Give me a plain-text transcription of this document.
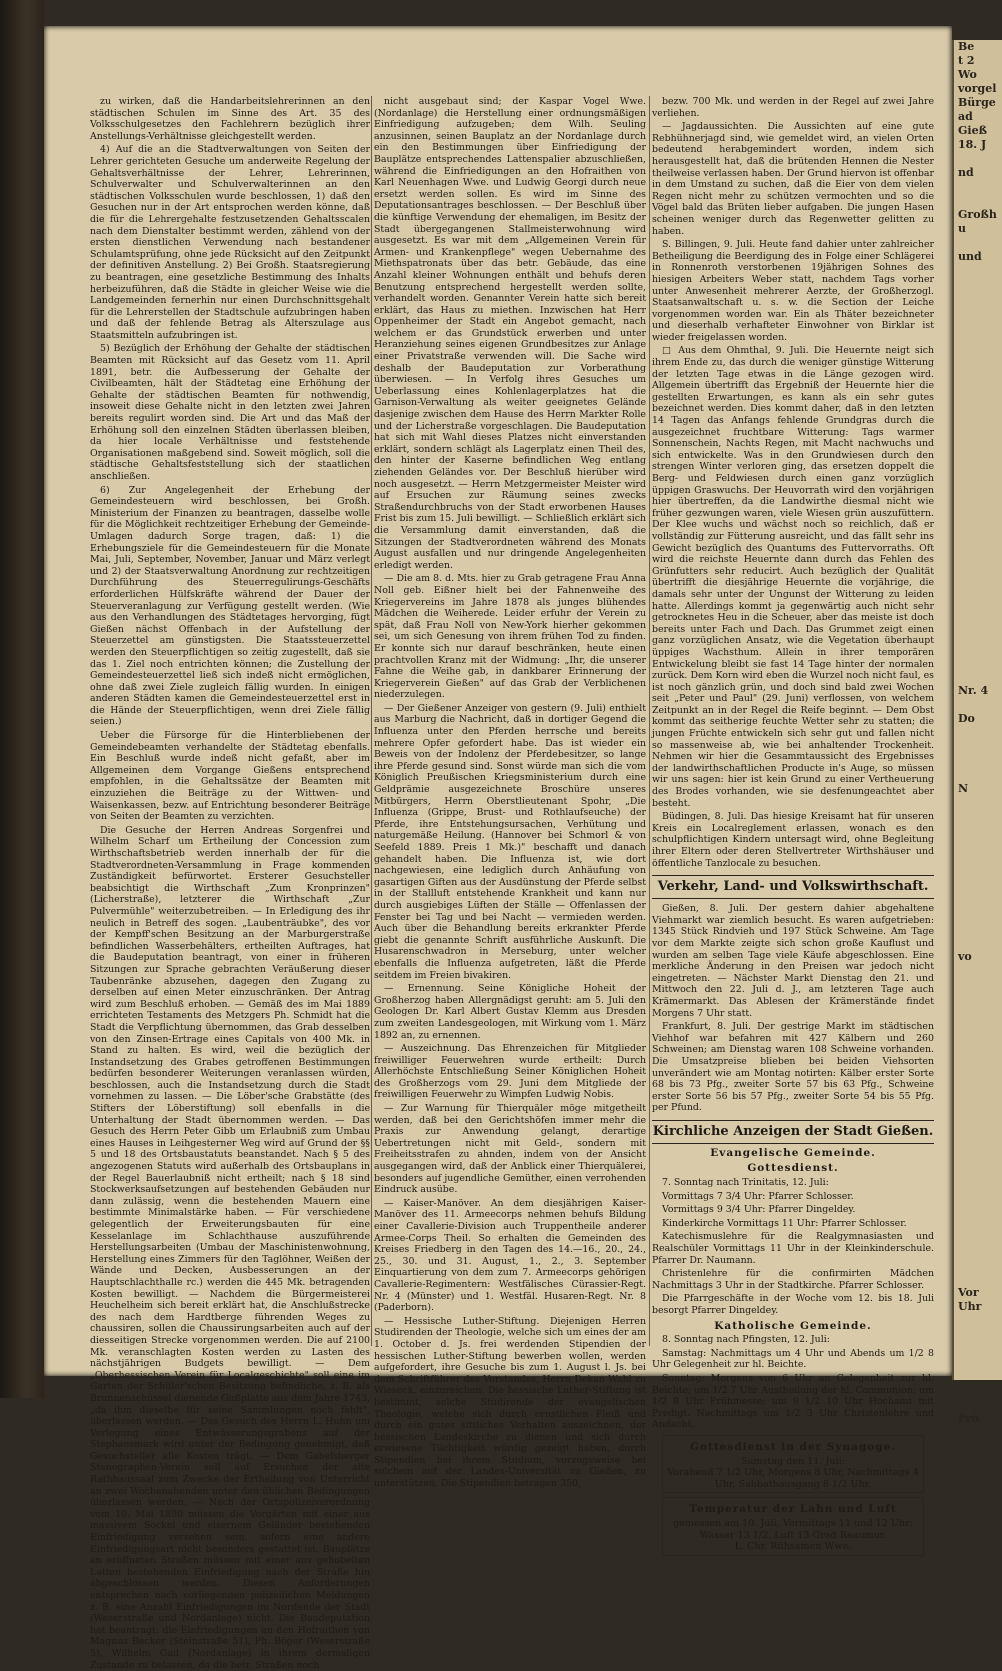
zu wirken, daß die Handarbeitslehrerinnen an den städtischen Schulen im Sinne des Art. 35 des Volksschulgesetzes den Fachlehrern bezüglich ihrer Anstellungs-Verhältnisse gleichgestellt werden.

4) Auf die an die Stadtverwaltungen von Seiten der Lehrer gerichteten Gesuche um anderweite Regelung der Gehaltsverhältnisse der Lehrer, Lehrerinnen, Schulverwalter und Schulverwalterinnen an den städtischen Volksschulen wurde beschlossen, 1) daß den Gesuchen nur in der Art entsprochen werden könne, daß die für die Lehrergehalte festzusetzenden Gehaltsscalen nach dem Dienstalter bestimmt werden, zählend von der ersten dienstlichen Verwendung nach bestandener Schulamtsprüfung, ohne jede Rücksicht auf den Zeitpunkt der definitiven Anstellung. 2) Bei Großh. Staatsregierung zu beantragen, eine gesetzliche Bestimmung des Inhalts herbeizuführen, daß die Städte in gleicher Weise wie die Landgemeinden fernerhin nur einen Durchschnittsgehalt für die Lehrerstellen der Stadtschule aufzubringen haben und daß der fehlende Betrag als Alterszulage aus Staatsmitteln aufzubringen ist.

5) Bezüglich der Erhöhung der Gehalte der städtischen Beamten mit Rücksicht auf das Gesetz vom 11. April 1891, betr. die Aufbesserung der Gehalte der Civilbeamten, hält der Städtetag eine Erhöhung der Gehalte der städtischen Beamten für nothwendig, insoweit diese Gehalte nicht in den letzten zwei Jahren bereits regulirt worden sind. Die Art und das Maß der Erhöhung soll den einzelnen Städten überlassen bleiben, da hier locale Verhältnisse und feststehende Organisationen maßgebend sind. Soweit möglich, soll die städtische Gehaltsfeststellung sich der staatlichen anschließen.

6) Zur Angelegenheit der Erhebung der Gemeindesteuern wird beschlossen, bei Großh. Ministerium der Finanzen zu beantragen, dasselbe wolle für die Möglichkeit rechtzeitiger Erhebung der Gemeinde-Umlagen dadurch Sorge tragen, daß: 1) die Erhebungsziele für die Gemeindesteuern für die Monate Mai, Juli, September, November, Januar und März verlegt und 2) der Staatsverwaltung Anordnung zur rechtzeitigen Durchführung des Steuerregulirungs-Geschäfts erforderlichen Hülfskräfte während der Dauer der Steuerveranlagung zur Verfügung gestellt werden. (Wie aus den Verhandlungen des Städtetages hervorging, fügt Gießen nächst Offenbach in der Aufstellung der Steuerzettel am günstigsten. Die Staatssteuerzettel werden den Steuerpflichtigen so zeitig zugestellt, daß sie das 1. Ziel noch entrichten können; die Zustellung der Gemeindesteuerzettel ließ sich indeß nicht ermöglichen, ohne daß zwei Ziele zugleich fällig wurden. In einigen anderen Städten kamen die Gemeindesteuerzettel erst in die Hände der Steuerpflichtigen, wenn drei Ziele fällig seien.)

Ueber die Fürsorge für die Hinterbliebenen der Gemeindebeamten verhandelte der Städtetag ebenfalls. Ein Beschluß wurde indeß nicht gefaßt, aber im Allgemeinen dem Vorgange Gießens entsprechend empfohlen, in die Gehaltssätze der Beamten mit einzuziehen die Beiträge zu der Wittwen- und Waisenkassen, bezw. auf Entrichtung besonderer Beiträge von Seiten der Beamten zu verzichten.

Die Gesuche der Herren Andreas Sorgenfrei und Wilhelm Scharf um Ertheilung der Concession zum Wirthschaftsbetrieb werden innerhalb der für die Stadtverordneten-Versammlung in Frage kommenden Zuständigkeit befürwortet. Ersterer Gesuchsteller beabsichtigt die Wirthschaft „Zum Kronprinzen" (Licherstraße), letzterer die Wirthschaft „Zur Pulvermühle" weiterzubetreiben. — In Erledigung des ihr neulich in Betreff des sogen. „Laubenträubke", des vor der Kempff'schen Besitzung an der Marburgerstraße befindlichen Wasserbehälters, ertheilten Auftrages, hat die Baudeputation beantragt, von einer in früheren Sitzungen zur Sprache gebrachten Veräußerung dieser Taubenränke abzusehen, dagegen den Zugang zu derselben auf einen Meter einzuschränken. Der Antrag wird zum Beschluß erhoben. — Gemäß des im Mai 1889 errichteten Testaments des Metzgers Ph. Schmidt hat die Stadt die Verpflichtung übernommen, das Grab desselben von den Zinsen-Ertrage eines Capitals von 400 Mk. in Stand zu halten. Es wird, weil die bezüglich der Instandsetzung des Grabes getroffenen Bestimmungen bedürfen besonderer Weiterungen veranlassen würden, beschlossen, auch die Instandsetzung durch die Stadt vornehmen zu lassen. — Die Löber'sche Grabstätte (des Stifters der Löberstiftung) soll ebenfalls in die Unterhaltung der Stadt übernommen werden. — Das Gesuch des Herrn Peter Gibb um Erlaubniß zum Umbau eines Hauses in Leihgesterner Weg wird auf Grund der §§ 5 und 18 des Ortsbaustatuts beanstandet. Nach § 5 des angezogenen Statuts wird außerhalb des Ortsbauplans in der Regel Bauerlaubniß nicht ertheilt; nach § 18 sind Stockwerksaufsetzungen auf bestehenden Gebäuden nur dann zulässig, wenn die bestehenden Mauern eine bestimmte Minimalstärke haben. — Für verschiedene gelegentlich der Erweiterungsbauten für eine Kesselanlage im Schlachthause auszuführende Herstellungsarbeiten (Umbau der Maschinistenwohnung, Herstellung eines Zimmers für den Taglöhner, Weißen der Wände und Decken, Ausbesserungen an der Hauptschlachthalle rc.) werden die 445 Mk. betragenden Kosten bewilligt. — Nachdem die Bürgermeisterei Heuchelheim sich bereit erklärt hat, die Anschlußstrecke des nach dem Hardtberge führenden Weges zu chaussiren, sollen die Chaussirungsarbeiten auch auf der diesseitigen Strecke vorgenommen werden. Die auf 2100 Mk. veranschlagten Kosten werden zu Lasten des nächstjährigen Budgets bewilligt. — Dem „Oberhessischen Verein für Localgeschichte" soll eine im Garten der Schüler'schen Besitzung befindliche, z. B. als Brunnenschüssel dienende Gußplatte aus dem Jahre 1743, „da ihm dieselbe für seine Sammlungen noch fehlt", überlassen werden. — Das Gesuch des Herrn L. Huhn um Verlegung eines Entwässerungsgrabens auf der Stephansmark wird unter der Bedingung genehmigt, daß Gesuchsteller alle Kosten trägt. — Dem Gabelsberger Stenographen-Verein soll auf Ersuchen der alte Rathhaussaal zum Zwecke der Ertheilung von Unterricht an zwei Wochenabenden unter den üblichen Bedingungen überlassen werden. — Nach der Ortspolizeiverordnung vom 10. Mai 1890 müssen die Vorgärten mit einer aus massivem Sockel und eisernem Geländer bestehenden Einfriedigung versehen sein, sofern eine andere Einfriedigungsart nicht besonders gestattet ist. Bauplätze an eröffneten Straßen müssen mit einer aus gehobelten Latten bestehenden Einfriedigung nach der Straße hin abgeschlossen werden. Diesen Anforderungen entsprechen nach vorliegenden polizeilichen Meldungen z. B. eine Anzahl Einfriedigungen im Nordende der Stadt (Weserstraße und Nordanlage) nicht. Die Baudeputation hat beantragt: die Einfriedigungen an den Hofraithen von Magnus Becker (Steinstraße 51), Ph. Böger (Weserstraße 5), Wilhelm Gail (Nordanlage) in ihrem dermaligen Zustande zu belassen, da die betr. Straßen noch

nicht ausgebaut sind; der Kaspar Vogel Wwe. (Nordanlage) die Herstellung einer ordnungsmäßigen Einfriedigung aufzugeben; dem Wilh. Seuling anzusinnen, seinen Bauplatz an der Nordanlage durch ein den Bestimmungen über Einfriedigung der Bauplätze entsprechendes Lattenspalier abzuschließen, während die Einfriedigungen an den Hofraithen von Karl Neuenhagen Wwe. und Ludwig Georgi durch neue ersetzt werden sollen. Es wird im Sinne des Deputationsantrages beschlossen. — Der Beschluß über die künftige Verwendung der ehemaligen, im Besitz der Stadt übergegangenen Stallmeisterwohnung wird ausgesetzt. Es war mit dem „Allgemeinen Verein für Armen- und Krankenpflege" wegen Uebernahme des Miethspatronats über das betr. Gebäude, das eine Anzahl kleiner Wohnungen enthält und behufs deren Benutzung entsprechend hergestellt werden sollte, verhandelt worden. Genannter Verein hatte sich bereit erklärt, das Haus zu miethen. Inzwischen hat Herr Oppenheimer der Stadt ein Angebot gemacht, nach welchem er das Grundstück erwerben und unter Heranziehung seines eigenen Grundbesitzes zur Anlage einer Privatstraße verwenden will. Die Sache wird deshalb der Baudeputation zur Vorberathung überwiesen. — In Verfolg ihres Gesuches um Ueberlassung eines Kohlenlagerplatzes hat die Garnison-Verwaltung als weiter geeignetes Gelände dasjenige zwischen dem Hause des Herrn Markter Rolle und der Licherstraße vorgeschlagen. Die Baudeputation hat sich mit Wahl dieses Platzes nicht einverstanden erklärt, sondern schlägt als Lagerplatz einen Theil des, den hinter der Kaserne befindlichen Weg entlang ziehenden Geländes vor. Der Beschluß hierüber wird noch ausgesetzt. — Herrn Metzgermeister Meister wird auf Ersuchen zur Räumung seines zwecks Straßendurchbruchs von der Stadt erworbenen Hauses Frist bis zum 15. Juli bewilligt. — Schließlich erklärt sich die Versammlung damit einverstanden, daß die Sitzungen der Stadtverordneten während des Monats August ausfallen und nur dringende Angelegenheiten erledigt werden.

— Die am 8. d. Mts. hier zu Grab getragene Frau Anna Noll geb. Eißner hielt bei der Fahnenweihe des Kriegervereins im Jahre 1878 als junges blühendes Mädchen die Weiherede. Leider erfuhr der Verein zu spät, daß Frau Noll von New-York hierher gekommen sei, um sich Genesung von ihrem frühen Tod zu finden. Er konnte sich nur darauf beschränken, heute einen prachtvollen Kranz mit der Widmung: „Ihr, die unserer Fahne die Weihe gab, in dankbarer Erinnerung der Kriegerverein Gießen" auf das Grab der Verblichenen niederzulegen.

— Der Gießener Anzeiger von gestern (9. Juli) enthielt aus Marburg die Nachricht, daß in dortiger Gegend die Influenza unter den Pferden herrsche und bereits mehrere Opfer gefordert habe. Das ist wieder ein Beweis von der Indolenz der Pferdebesitzer, so lange ihre Pferde gesund sind. Sonst würde man sich die vom Königlich Preußischen Kriegsministerium durch eine Geldprämie ausgezeichnete Broschüre unseres Mitbürgers, Herrn Oberstlieutenant Spohr, „Die Influenza (Grippe, Brust- und Rothlaufseuche) der Pferde, ihre Entstehungsursachen, Verhütung und naturgemäße Heilung. (Hannover bei Schmorl & von Seefeld 1889. Preis 1 Mk.)" beschafft und danach gehandelt haben. Die Influenza ist, wie dort nachgewiesen, eine lediglich durch Anhäufung von gasartigen Giften aus der Ausdünstung der Pferde selbst in der Stallluft entstehende Krankheit und kann nur durch ausgiebiges Lüften der Ställe — Offenlassen der Fenster bei Tag und bei Nacht — vermieden werden. Auch über die Behandlung bereits erkrankter Pferde giebt die genannte Schrift ausführliche Auskunft. Die Husarenschwadron in Merseburg, unter welcher ebenfalls die Influenza aufgetreten, läßt die Pferde seitdem im Freien bivakiren.

— Ernennung. Seine Königliche Hoheit der Großherzog haben Allergnädigst geruht: am 5. Juli den Geologen Dr. Karl Albert Gustav Klemm aus Dresden zum zweiten Landesgeologen, mit Wirkung vom 1. März 1892 an, zu ernennen.

— Auszeichnung. Das Ehrenzeichen für Mitglieder freiwilliger Feuerwehren wurde ertheilt: Durch Allerhöchste Entschließung Seiner Königlichen Hoheit des Großherzogs vom 29. Juni dem Mitgliede der freiwilligen Feuerwehr zu Wimpfen Ludwig Nobis.

— Zur Warnung für Thierquäler möge mitgetheilt werden, daß bei den Gerichtshöfen immer mehr die Praxis zur Anwendung gelangt, derartige Uebertretungen nicht mit Geld-, sondern mit Freiheitsstrafen zu ahnden, indem von der Ansicht ausgegangen wird, daß der Anblick einer Thierquälerei, besonders auf jugendliche Gemüther, einen verrohenden Eindruck ausübe.

— Kaiser-Manöver. An dem diesjährigen Kaiser-Manöver des 11. Armeecorps nehmen behufs Bildung einer Cavallerie-Division auch Truppentheile anderer Armee-Corps Theil. So erhalten die Gemeinden des Kreises Friedberg in den Tagen des 14.—16., 20., 24., 25., 30. und 31. August, 1., 2., 3. September Einquartierung von dem zum 7. Armeecorps gehörigen Cavallerie-Regimentern: Westfälisches Cürassier-Regt. Nr. 4 (Münster) und 1. Westfäl. Husaren-Regt. Nr. 8 (Paderborn).

— Hessische Luther-Stiftung. Diejenigen Herren Studirenden der Theologie, welche sich um eines der am 1. October d. Js. frei werdenden Stipendien der hessischen Luther-Stiftung bewerben wollen, werden aufgefordert, ihre Gesuche bis zum 1. August l. Js. bei dem Schriftführer des Vorstandes, Herrn Dekan Wahl zu Wieseck, einzureichen. Die hessische Luther-Stiftung ist bestimmt, solche Studirende der evangelischen Theologie, welche sich durch ernstlichen Fleiß und durch ein gutes sittliches Verhalten auszeichnen, der hessischen Landeskirche zu dienen und sich durch erwiesene Tüchtigkeit würdig gezeigt haben, durch Stipendien bei ihrem Studium, vorzugsweise bei solchem auf der Landes-Universität zu Gießen, zu unterstützen. Die Stipendien betragen 350,

bezw. 700 Mk. und werden in der Regel auf zwei Jahre verliehen.

— Jagdaussichten. Die Aussichten auf eine gute Rebhühnerjagd sind, wie gemeldet wird, an vielen Orten bedeutend herabgemindert worden, indem sich herausgestellt hat, daß die brütenden Hennen die Nester theilweise verlassen haben. Der Grund hiervon ist offenbar in dem Umstand zu suchen, daß die Eier von dem vielen Regen nicht mehr zu schützen vermochten und so die Vögel bald das Brüten lieber aufgaben. Die jungen Hasen scheinen weniger durch das Regenwetter gelitten zu haben.

S. Billingen, 9. Juli. Heute fand dahier unter zahlreicher Betheiligung die Beerdigung des in Folge einer Schlägerei in Ronnenroth verstorbenen 19jährigen Sohnes des hiesigen Arbeiters Weber statt, nachdem Tags vorher unter Anwesenheit mehrerer Aerzte, der Großherzogl. Staatsanwaltschaft u. s. w. die Section der Leiche vorgenommen worden war. Ein als Thäter bezeichneter und dieserhalb verhafteter Einwohner von Birklar ist wieder freigelassen worden.

□ Aus dem Ohmthal, 9. Juli. Die Heuernte neigt sich ihrem Ende zu, das durch die weniger günstige Witterung der letzten Tage etwas in die Länge gezogen wird. Allgemein übertrifft das Ergebniß der Heuernte hier die gestellten Erwartungen, es kann als ein sehr gutes bezeichnet werden. Dies kommt daher, daß in den letzten 14 Tagen das Anfangs fehlende Grundgras durch die ausgezeichnet fruchtbare Witterung: Tags warmer Sonnenschein, Nachts Regen, mit Macht nachwuchs und sich entwickelte. Was in den Grundwiesen durch den strengen Winter verloren ging, das ersetzen doppelt die Berg- und Feldwiesen durch einen ganz vorzüglich üppigen Graswuchs. Der Heuvorrath wird den vorjährigen hier übertreffen, da die Landwirthe diesmal nicht wie früher gezwungen waren, viele Wiesen grün auszufüttern. Der Klee wuchs und wächst noch so reichlich, daß er vollständig zur Fütterung ausreicht, und das fällt sehr ins Gewicht bezüglich des Quantums des Futtervorraths. Oft wird die reichste Heuernte dann durch das Fehlen des Grünfutters sehr reducirt. Auch bezüglich der Qualität übertrifft die diesjährige Heuernte die vorjährige, die damals sehr unter der Ungunst der Witterung zu leiden hatte. Allerdings kommt ja gegenwärtig auch nicht sehr getrocknetes Heu in die Scheuer, aber das meiste ist doch bereits unter Fach und Dach. Das Grummet zeigt einen ganz vorzüglichen Ansatz, wie die Vegetation überhaupt üppiges Wachsthum. Allein in ihrer temporären Entwickelung bleibt sie fast 14 Tage hinter der normalen zurück. Dem Korn wird eben die Wurzel noch nicht faul, es ist noch gänzlich grün, und doch sind bald zwei Wochen seit „Peter und Paul" (29. Juni) verflossen, von welchem Zeitpunkt an in der Regel die Reife beginnt. — Dem Obst kommt das seitherige feuchte Wetter sehr zu statten; die jungen Früchte entwickeln sich sehr gut und fallen nicht so massenweise ab, wie bei anhaltender Trockenheit. Nehmen wir hier die Gesammtaussicht des Ergebnisses der landwirthschaftlichen Producte in's Auge, so müssen wir uns sagen: hier ist kein Grund zu einer Vertheuerung des Brodes vorhanden, wie sie desfenungeachtet aber besteht.

Büdingen, 8. Juli. Das hiesige Kreisamt hat für unseren Kreis ein Localreglement erlassen, wonach es den schulpflichtigen Kindern untersagt wird, ohne Begleitung ihrer Eltern oder deren Stellvertreter Wirthshäuser und öffentliche Tanzlocale zu besuchen.

Verkehr, Land- und Volkswirthschaft.

Gießen, 8. Juli. Der gestern dahier abgehaltene Viehmarkt war ziemlich besucht. Es waren aufgetrieben: 1345 Stück Rindvieh und 197 Stück Schweine. Am Tage vor dem Markte zeigte sich schon große Kauflust und wurden am selben Tage viele Käufe abgeschlossen. Eine merkliche Änderung in den Preisen war jedoch nicht eingetreten. — Nächster Markt Dienstag den 21. und Mittwoch den 22. Juli d. J., am letzteren Tage auch Krämermarkt. Das Ablesen der Krämerstände findet Morgens 7 Uhr statt.

Frankfurt, 8. Juli. Der gestrige Markt im städtischen Viehhof war befahren mit 427 Kälbern und 260 Schweinen; am Dienstag waren 108 Schweine vorhanden. Die Umsatzpreise blieben bei beiden Viehsorten unverändert wie am Montag notirten: Kälber erster Sorte 68 bis 73 Pfg., zweiter Sorte 57 bis 63 Pfg., Schweine erster Sorte 56 bis 57 Pfg., zweiter Sorte 54 bis 55 Pfg. per Pfund.

Kirchliche Anzeigen der Stadt Gießen.
Evangelische Gemeinde.
Gottesdienst.

7. Sonntag nach Trinitatis, 12. Juli:

Vormittags 7 3/4 Uhr: Pfarrer Schlosser.

Vormittags 9 3/4 Uhr: Pfarrer Dingeldey.

Kinderkirche Vormittags 11 Uhr: Pfarrer Schlosser.

Katechismuslehre für die Realgymnasiasten und Realschüler Vormittags 11 Uhr in der Kleinkinderschule. Pfarrer Dr. Naumann.

Christenlehre für die confirmirten Mädchen Nachmittags 3 Uhr in der Stadtkirche. Pfarrer Schlosser.

Die Pfarrgeschäfte in der Woche vom 12. bis 18. Juli besorgt Pfarrer Dingeldey.

Katholische Gemeinde.

8. Sonntag nach Pfingsten, 12. Juli:

Samstag: Nachmittags um 4 Uhr und Abends um 1/2 8 Uhr Gelegenheit zur hl. Beichte.

Sonntag: Morgens von 6 Uhr an Gelegenheit zur hl. Beichte; um 1/2 7 Uhr Austheilung der hl. Communion; um 1/2 8 Uhr Frühmesse; um 9 1/2 10 Uhr Hochamt mit Predigt. Nachmittags um 1/2 3 Uhr Christenlehre und Andacht.

Gottesdienst in der Synagoge.

Samstag den 11. Juli:

Vorabend 7 1/2 Uhr, Morgens 8 Uhr, Nachmittags 4 Uhr, Sabbathausgang 8 1/2 Uhr.

Temperatur der Lahn und Luft

gemessen am 10. Juli, Vormittags 11 und 12 Uhr:

Wasser 13 1/2, Luft 13 Grad Reaumur.

L. Chr. Rühsamen Wwe.

Be
t 2
Wo
vorgel
Bürge
ad
Gieß
18. J

nd

Großh
u

und

Nr. 4

Do

N

vo

Vor
Uhr

Frü
